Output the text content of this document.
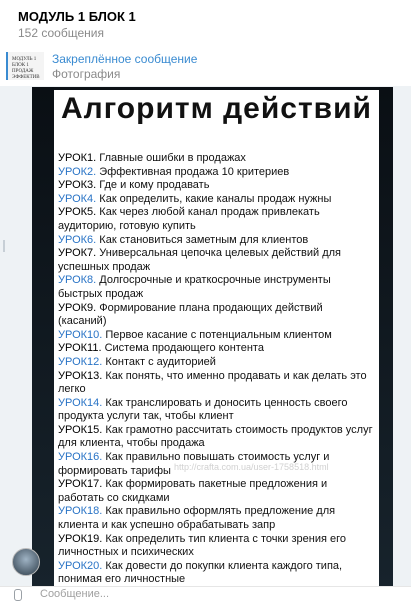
МОДУЛЬ 1 БЛОК 1
152 сообщения
МОДУЛЬ 1 БЛОК 1 ПРОДАЖ ЭФФЕКТИВ
Закреплённое сообщение
Фотография
Алгоритм действий

УРОК1. Главные ошибки в продажах

УРОК2. Эффективная продажа 10 критериев

УРОК3. Где и кому продавать

УРОК4. Как определить, какие каналы продаж нужны

УРОК5. Как через любой канал продаж привлекать аудиторию, готовую купить

УРОК6. Как становиться заметным для клиентов

УРОК7. Универсальная цепочка целевых действий для успешных продаж

УРОК8. Долгосрочные и краткосрочные инструменты быстрых продаж

УРОК9. Формирование плана продающих действий (касаний)

УРОК10. Первое касание с потенциальным клиентом

УРОК11. Система продающего контента

УРОК12. Контакт с аудиторией

УРОК13. Как понять, что именно продавать и как делать это легко

УРОК14. Как транслировать и доносить ценность своего продукта услуги так, чтобы клиент

УРОК15. Как грамотно рассчитать стоимость продуктов услуг для клиента, чтобы продажа

УРОК16. Как правильно повышать стоимость услуг и формировать тарифы

УРОК17. Как формировать пакетные предложения и работать со скидками

УРОК18. Как правильно оформлять предложение для клиента и как успешно обрабатывать запр

УРОК19. Как определить тип клиента с точки зрения его личностных и психических

УРОК20. Как довести до покупки клиента каждого типа, понимая его личностные

http://crafta.com.ua/user-1758518.html
Сообщение...
